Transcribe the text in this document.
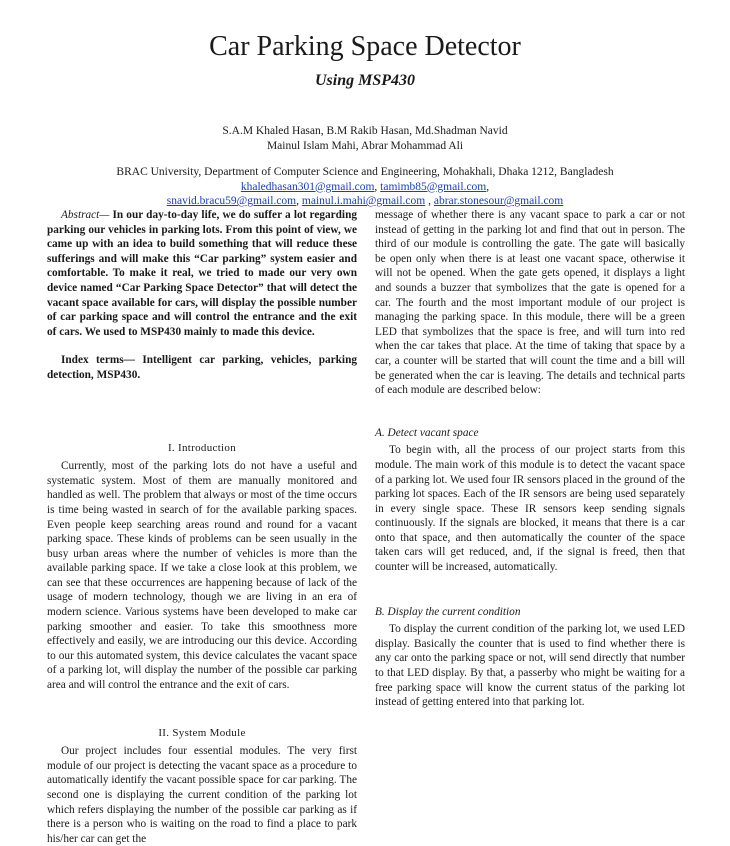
Car Parking Space Detector
Using MSP430
S.A.M Khaled Hasan, B.M Rakib Hasan, Md.Shadman Navid
Mainul Islam Mahi, Abrar Mohammad Ali
BRAC University, Department of Computer Science and Engineering, Mohakhali, Dhaka 1212, Bangladesh
khaledhasan301@gmail.com, tamimb85@gmail.com,
snavid.bracu59@gmail.com, mainul.i.mahi@gmail.com , abrar.stonesour@gmail.com

Abstract— In our day-to-day life, we do suffer a lot regarding parking our vehicles in parking lots. From this point of view, we came up with an idea to build something that will reduce these sufferings and will make this “Car parking” system easier and comfortable. To make it real, we tried to made our very own device named “Car Parking Space Detector” that will detect the vacant space available for cars, will display the possible number of car parking space and will control the entrance and the exit of cars. We used to MSP430 mainly to made this device.

Index terms— Intelligent car parking, vehicles, parking detection, MSP430.

I. Introduction

Currently, most of the parking lots do not have a useful and systematic system. Most of them are manually monitored and handled as well. The problem that always or most of the time occurs is time being wasted in search of for the available parking spaces. Even people keep searching areas round and round for a vacant parking space. These kinds of problems can be seen usually in the busy urban areas where the number of vehicles is more than the available parking space. If we take a close look at this problem, we can see that these occurrences are happening because of lack of the usage of modern technology, though we are living in an era of modern science. Various systems have been developed to make car parking smoother and easier. To take this smoothness more effectively and easily, we are introducing our this device. According to our this automated system, this device calculates the vacant space of a parking lot, will display the number of the possible car parking area and will control the entrance and the exit of cars.

II. System Module

Our project includes four essential modules. The very first module of our project is detecting the vacant space as a procedure to automatically identify the vacant possible space for car parking. The second one is displaying the current condition of the parking lot which refers displaying the number of the possible car parking as if there is a person who is waiting on the road to find a place to park his/her car can get the

message of whether there is any vacant space to park a car or not instead of getting in the parking lot and find that out in person. The third of our module is controlling the gate. The gate will basically be open only when there is at least one vacant space, otherwise it will not be opened. When the gate gets opened, it displays a light and sounds a buzzer that symbolizes that the gate is opened for a car. The fourth and the most important module of our project is managing the parking space. In this module, there will be a green LED that symbolizes that the space is free, and will turn into red when the car takes that place. At the time of taking that space by a car, a counter will be started that will count the time and a bill will be generated when the car is leaving. The details and technical parts of each module are described below:

A. Detect vacant space

To begin with, all the process of our project starts from this module. The main work of this module is to detect the vacant space of a parking lot. We used four IR sensors placed in the ground of the parking lot spaces. Each of the IR sensors are being used separately in every single space. These IR sensors keep sending signals continuously. If the signals are blocked, it means that there is a car onto that space, and then automatically the counter of the space taken cars will get reduced, and, if the signal is freed, then that counter will be increased, automatically.

B. Display the current condition

To display the current condition of the parking lot, we used LED display. Basically the counter that is used to find whether there is any car onto the parking space or not, will send directly that number to that LED display. By that, a passerby who might be waiting for a free parking space will know the current status of the parking lot instead of getting entered into that parking lot.
